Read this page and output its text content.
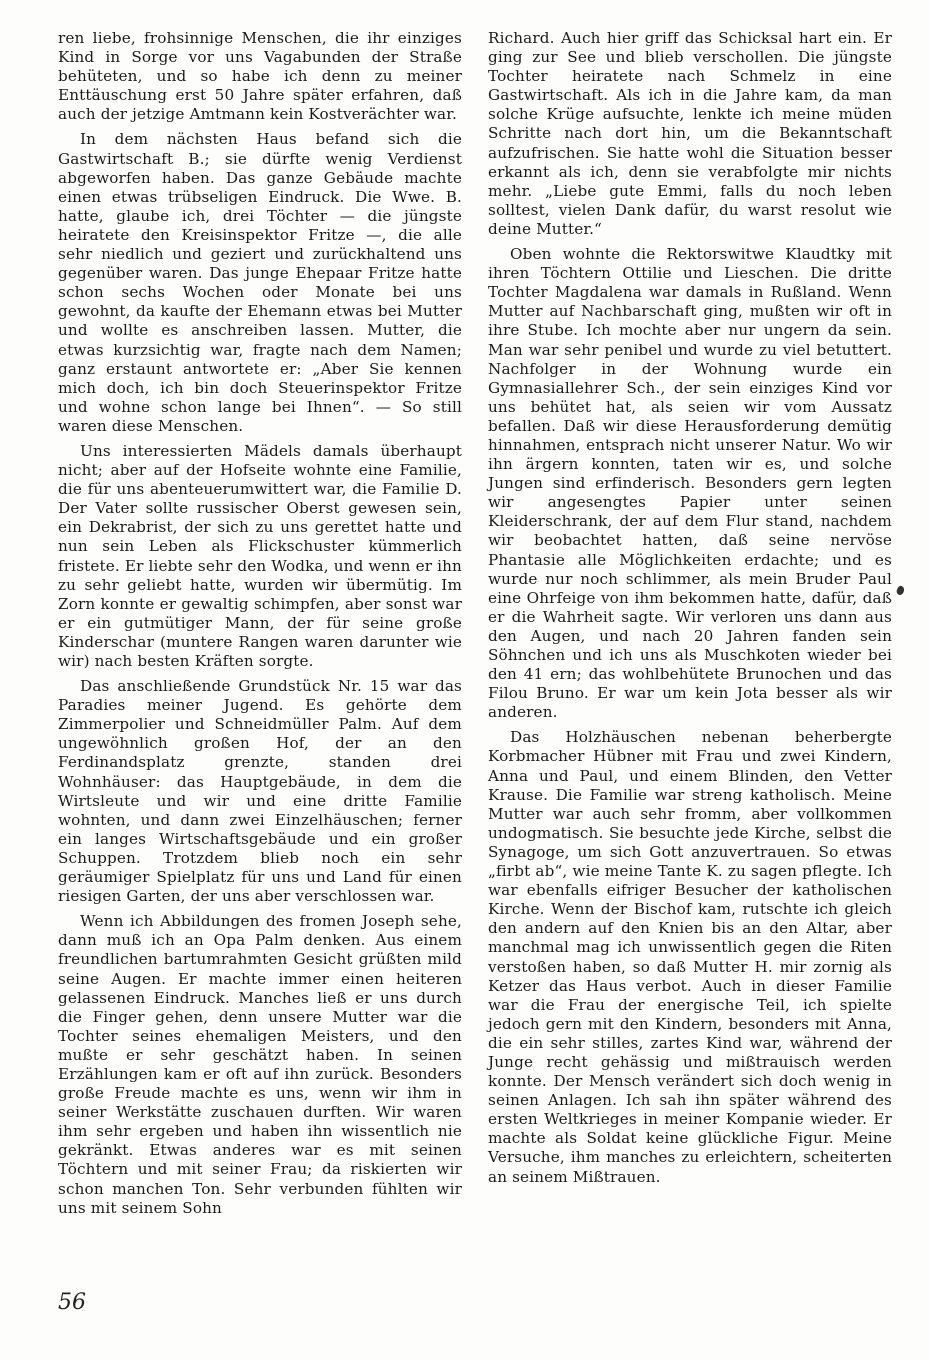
ren liebe, frohsinnige Menschen, die ihr einziges Kind in Sorge vor uns Vagabunden der Straße behüteten, und so habe ich denn zu meiner Enttäuschung erst 50 Jahre später erfahren, daß auch der jetzige Amtmann kein Kostverächter war.

In dem nächsten Haus befand sich die Gastwirtschaft B.; sie dürfte wenig Verdienst abgeworfen haben. Das ganze Gebäude machte einen etwas trübseligen Eindruck. Die Wwe. B. hatte, glaube ich, drei Töchter — die jüngste heiratete den Kreisinspektor Fritze —, die alle sehr niedlich und geziert und zurückhaltend uns gegenüber waren. Das junge Ehepaar Fritze hatte schon sechs Wochen oder Monate bei uns gewohnt, da kaufte der Ehemann etwas bei Mutter und wollte es anschreiben lassen. Mutter, die etwas kurzsichtig war, fragte nach dem Namen; ganz erstaunt antwortete er: „Aber Sie kennen mich doch, ich bin doch Steuerinspektor Fritze und wohne schon lange bei Ihnen“. — So still waren diese Menschen.

Uns interessierten Mädels damals überhaupt nicht; aber auf der Hofseite wohnte eine Familie, die für uns abenteuerumwittert war, die Familie D. Der Vater sollte russischer Oberst gewesen sein, ein Dekrabrist, der sich zu uns gerettet hatte und nun sein Leben als Flickschuster kümmerlich fristete. Er liebte sehr den Wodka, und wenn er ihn zu sehr geliebt hatte, wurden wir übermütig. Im Zorn konnte er gewaltig schimpfen, aber sonst war er ein gutmütiger Mann, der für seine große Kinderschar (muntere Rangen waren darunter wie wir) nach besten Kräften sorgte.

Das anschließende Grundstück Nr. 15 war das Paradies meiner Jugend. Es gehörte dem Zimmerpolier und Schneidmüller Palm. Auf dem ungewöhnlich großen Hof, der an den Ferdinandsplatz grenzte, standen drei Wohnhäuser: das Hauptgebäude, in dem die Wirtsleute und wir und eine dritte Familie wohnten, und dann zwei Einzelhäuschen; ferner ein langes Wirtschaftsgebäude und ein großer Schuppen. Trotzdem blieb noch ein sehr geräumiger Spielplatz für uns und Land für einen riesigen Garten, der uns aber verschlossen war.

Wenn ich Abbildungen des fromen Joseph sehe, dann muß ich an Opa Palm denken. Aus einem freundlichen bartumrahmten Gesicht grüßten mild seine Augen. Er machte immer einen heiteren gelassenen Eindruck. Manches ließ er uns durch die Finger gehen, denn unsere Mutter war die Tochter seines ehemaligen Meisters, und den mußte er sehr geschätzt haben. In seinen Erzählungen kam er oft auf ihn zurück. Besonders große Freude machte es uns, wenn wir ihm in seiner Werkstätte zuschauen durften. Wir waren ihm sehr ergeben und haben ihn wissentlich nie gekränkt. Etwas anderes war es mit seinen Töchtern und mit seiner Frau; da riskierten wir schon manchen Ton. Sehr verbunden fühlten wir uns mit seinem Sohn

Richard. Auch hier griff das Schicksal hart ein. Er ging zur See und blieb verschollen. Die jüngste Tochter heiratete nach Schmelz in eine Gastwirtschaft. Als ich in die Jahre kam, da man solche Krüge aufsuchte, lenkte ich meine müden Schritte nach dort hin, um die Bekanntschaft aufzufrischen. Sie hatte wohl die Situation besser erkannt als ich, denn sie verabfolgte mir nichts mehr. „Liebe gute Emmi, falls du noch leben solltest, vielen Dank dafür, du warst resolut wie deine Mutter.“

Oben wohnte die Rektorswitwe Klaudtky mit ihren Töchtern Ottilie und Lieschen. Die dritte Tochter Magdalena war damals in Rußland. Wenn Mutter auf Nachbarschaft ging, mußten wir oft in ihre Stube. Ich mochte aber nur ungern da sein. Man war sehr penibel und wurde zu viel betuttert. Nachfolger in der Wohnung wurde ein Gymnasiallehrer Sch., der sein einziges Kind vor uns behütet hat, als seien wir vom Aussatz befallen. Daß wir diese Herausforderung demütig hinnahmen, entsprach nicht unserer Natur. Wo wir ihn ärgern konnten, taten wir es, und solche Jungen sind erfinderisch. Besonders gern legten wir angesengtes Papier unter seinen Kleiderschrank, der auf dem Flur stand, nachdem wir beobachtet hatten, daß seine nervöse Phantasie alle Möglichkeiten erdachte; und es wurde nur noch schlimmer, als mein Bruder Paul eine Ohrfeige von ihm bekommen hatte, dafür, daß er die Wahrheit sagte. Wir verloren uns dann aus den Augen, und nach 20 Jahren fanden sein Söhnchen und ich uns als Muschkoten wieder bei den 41 ern; das wohlbehütete Brunochen und das Filou Bruno. Er war um kein Jota besser als wir anderen.

Das Holzhäuschen nebenan beherbergte Korbmacher Hübner mit Frau und zwei Kindern, Anna und Paul, und einem Blinden, den Vetter Krause. Die Familie war streng katholisch. Meine Mutter war auch sehr fromm, aber vollkommen undogmatisch. Sie besuchte jede Kirche, selbst die Synagoge, um sich Gott anzuvertrauen. So etwas „firbt ab“, wie meine Tante K. zu sagen pflegte. Ich war ebenfalls eifriger Besucher der katholischen Kirche. Wenn der Bischof kam, rutschte ich gleich den andern auf den Knien bis an den Altar, aber manchmal mag ich unwissentlich gegen die Riten verstoßen haben, so daß Mutter H. mir zornig als Ketzer das Haus verbot. Auch in dieser Familie war die Frau der energische Teil, ich spielte jedoch gern mit den Kindern, besonders mit Anna, die ein sehr stilles, zartes Kind war, während der Junge recht gehässig und mißtrauisch werden konnte. Der Mensch verändert sich doch wenig in seinen Anlagen. Ich sah ihn später während des ersten Weltkrieges in meiner Kompanie wieder. Er machte als Soldat keine glückliche Figur. Meine Versuche, ihm manches zu erleichtern, scheiterten an seinem Mißtrauen.

56
